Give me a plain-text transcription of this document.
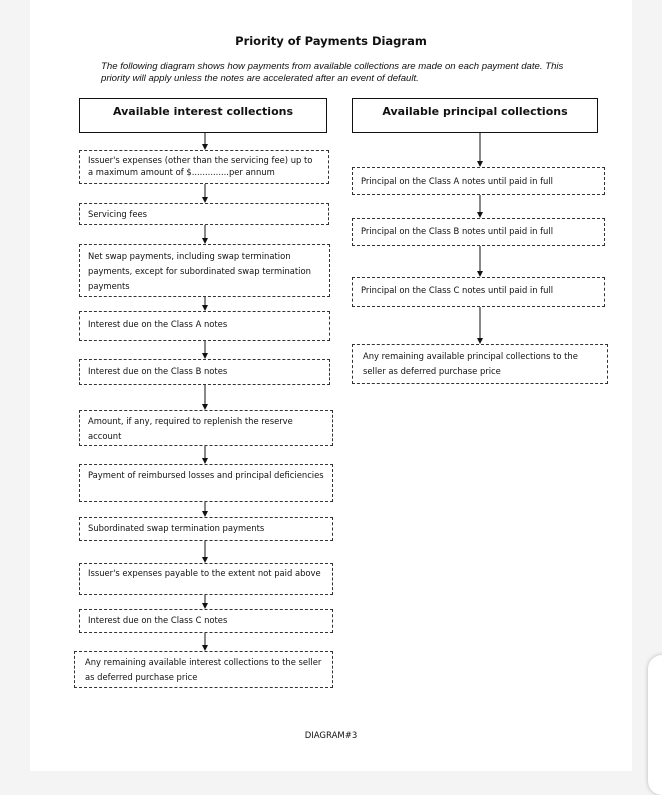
Priority of Payments Diagram
The following diagram shows how payments from available collections are made on each payment date. This priority will apply unless the notes are accelerated after an event of default.
Available interest collections	Available principal collections
Issuer's expenses (other than the servicing fee) up to a maximum amount of $..............per annum
Servicing fees
Net swap payments, including swap termination payments, except for subordinated swap termination payments
Interest due on the Class A notes
Interest due on the Class B notes
Amount, if any, required to replenish the reserve account
Payment of reimbursed losses and principal deficiencies
Subordinated swap termination payments
Issuer's expenses payable to the extent not paid above
Interest due on the Class C notes
Any remaining available interest collections to the seller as deferred purchase price
Principal on the Class A notes until paid in full
Principal on the Class B notes until paid in full
Principal on the Class C notes until paid in full
Any remaining available principal collections to the seller as deferred purchase price
DIAGRAM#3
